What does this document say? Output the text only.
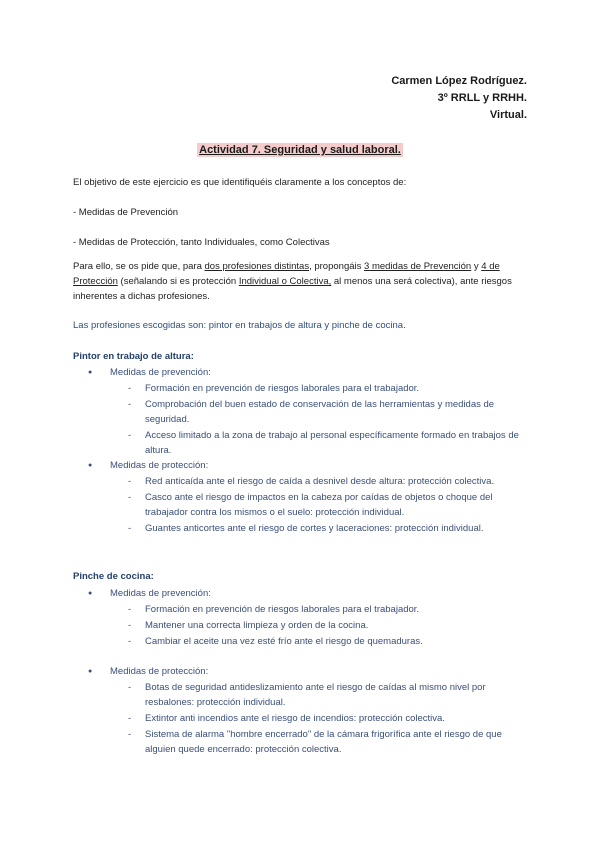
Carmen López Rodríguez.
3º RRLL y RRHH.
Virtual.
Actividad 7. Seguridad y salud laboral.
El objetivo de este ejercicio es que identifiquéis claramente a los conceptos de:
- Medidas de Prevención
- Medidas de Protección, tanto Individuales, como Colectivas
Para ello, se os pide que, para dos profesiones distintas, propongáis 3 medidas de Prevención y 4 de Protección (señalando si es protección Individual o Colectiva, al menos una será colectiva), ante riesgos inherentes a dichas profesiones.
Las profesiones escogidas son: pintor en trabajos de altura y pinche de cocina.
Pintor en trabajo de altura:
● Medidas de prevención:
- Formación en prevención de riesgos laborales para el trabajador.
- Comprobación del buen estado de conservación de las herramientas y medidas de seguridad.
- Acceso limitado a la zona de trabajo al personal específicamente formado en trabajos de altura.
● Medidas de protección:
- Red anticaída ante el riesgo de caída a desnivel desde altura: protección colectiva.
- Casco ante el riesgo de impactos en la cabeza por caídas de objetos o choque del trabajador contra los mismos o el suelo: protección individual.
- Guantes anticortes ante el riesgo de cortes y laceraciones: protección individual.
Pinche de cocina:
● Medidas de prevención:
- Formación en prevención de riesgos laborales para el trabajador.
- Mantener una correcta limpieza y orden de la cocina.
- Cambiar el aceite una vez esté frío ante el riesgo de quemaduras.
● Medidas de protección:
- Botas de seguridad antideslizamiento ante el riesgo de caídas al mismo nivel por resbalones: protección individual.
- Extintor anti incendios ante el riesgo de incendios: protección colectiva.
- Sistema de alarma "hombre encerrado" de la cámara frigorífica ante el riesgo de que alguien quede encerrado: protección colectiva.
